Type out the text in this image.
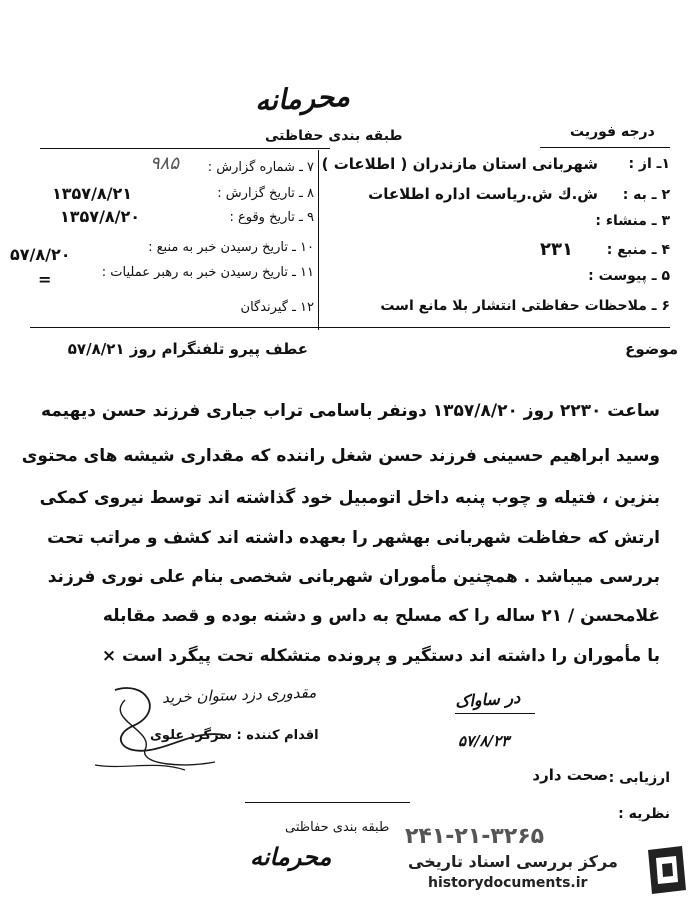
محرمانه
طبقه بندی حفاظتی	درجه فوریت
۱ـ از :
شهربانی استان مازندران ( اطلاعات )
۲ ـ به :
ش.ك ش.ریاست اداره اطلاعات
۳ ـ منشاء :
۴ ـ منبع :
۲۳۱
۵ ـ پیوست :
۶ ـ ملاحظات حفاظتی انتشار بلا مانع است
۷ ـ شماره گزارش :
۹۸۵
۸ ـ تاریخ گزارش :
۱۳۵۷/۸/۲۱
۹ ـ تاریخ وقوع :
۱۳۵۷/۸/۲۰
۱۰ ـ تاریخ رسیدن خبر به منبع :
۵۷/۸/۲۰
۱۱ ـ تاریخ رسیدن خبر به رهبر عملیات :
=
۱۲ ـ گیرندگان
موضوع
عطف پیرو تلفنگرام روز ۵۷/۸/۲۱
ساعت ۲۲۳۰ روز ۱۳۵۷/۸/۲۰ دونفر باسامی تراب جباری فرزند حسن دیهیمه
وسید ابراهیم حسینی فرزند حسن شغل راننده که مقداری شیشه های محتوی
بنزین ، فتیله و چوب پنبه داخل اتومبیل خود گذاشته اند توسط نیروی کمکی
ارتش که حفاظت شهربانی بهشهر را بعهده داشته اند کشف و مراتب تحت
بررسی میباشد . همچنین مأموران شهربانی شخصی بنام علی نوری فرزند
غلامحسن / ۲۱ ساله را که مسلح به داس و دشنه بوده و قصد مقابله
با مأموران را داشته اند دستگیر و پرونده متشکله تحت پیگرد است ×
در ساواک
۵۷/۸/۲۳
مقدوری دزد ستوان خرید
اقدام کننده : سرگرد علوی
ارزیابی :
صحت دارد
نظریه :
طبقه بندی حفاظتی
محرمانه
۲۴۱-۲۱-۳۲۶۵
مرکز بررسی اسناد تاریخی
historydocuments.ir
